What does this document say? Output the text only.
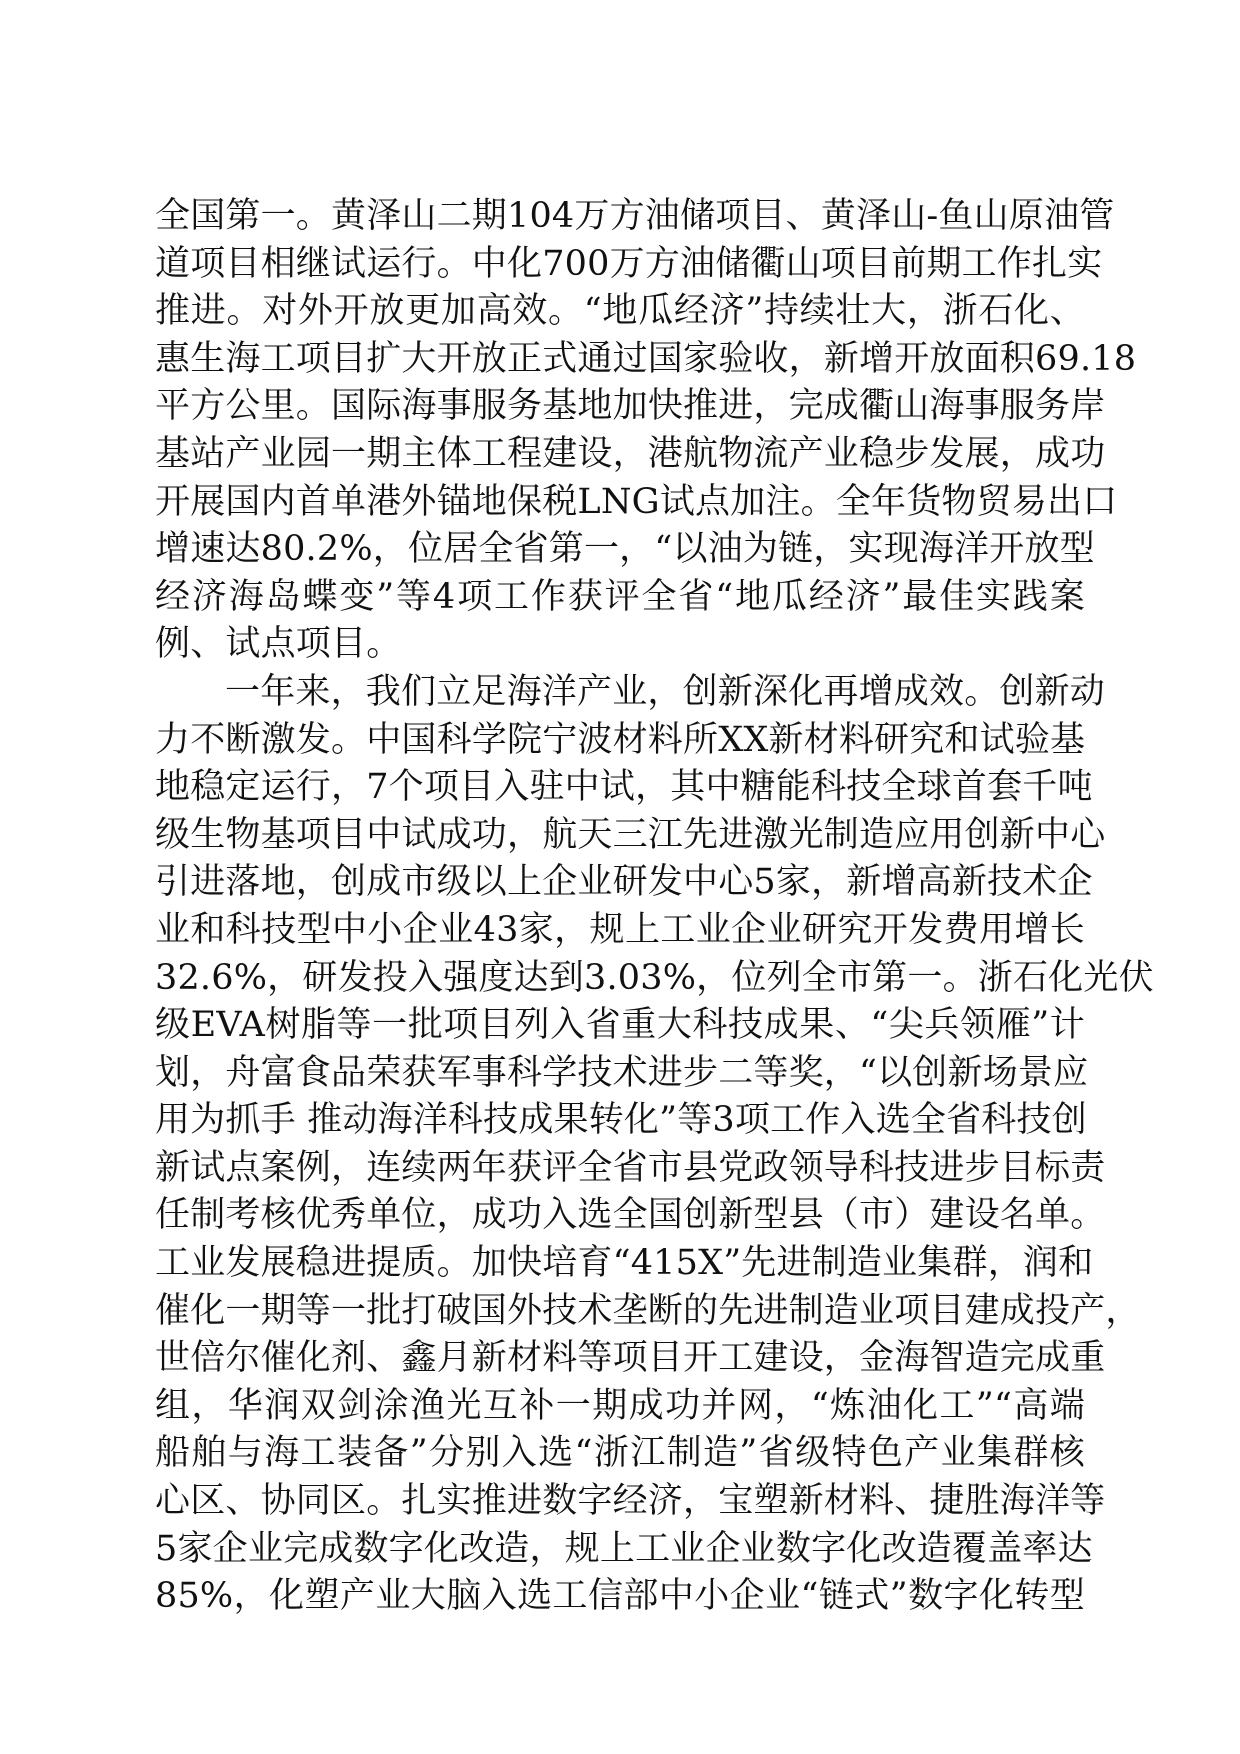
全国第一。黄泽山二期104万方油储项目、黄泽山-鱼山原油管
道项目相继试运行。中化700万方油储衢山项目前期工作扎实
推进。对外开放更加高效。“地瓜经济”持续壮大，浙石化、
惠生海工项目扩大开放正式通过国家验收，新增开放面积69.18
平方公里。国际海事服务基地加快推进，完成衢山海事服务岸
基站产业园一期主体工程建设，港航物流产业稳步发展，成功
开展国内首单港外锚地保税LNG试点加注。全年货物贸易出口
增速达80.2%，位居全省第一，“以油为链，实现海洋开放型
经济海岛蝶变”等4项工作获评全省“地瓜经济”最佳实践案
例、试点项目。
一年来，我们立足海洋产业，创新深化再增成效。创新动
力不断激发。中国科学院宁波材料所XX新材料研究和试验基
地稳定运行，7个项目入驻中试，其中糖能科技全球首套千吨
级生物基项目中试成功，航天三江先进激光制造应用创新中心
引进落地，创成市级以上企业研发中心5家，新增高新技术企
业和科技型中小企业43家，规上工业企业研究开发费用增长
32.6%，研发投入强度达到3.03%，位列全市第一。浙石化光伏
级EVA树脂等一批项目列入省重大科技成果、“尖兵领雁”计
划，舟富食品荣获军事科学技术进步二等奖，“以创新场景应
用为抓手 推动海洋科技成果转化”等3项工作入选全省科技创
新试点案例，连续两年获评全省市县党政领导科技进步目标责
任制考核优秀单位，成功入选全国创新型县（市）建设名单。
工业发展稳进提质。加快培育“415X”先进制造业集群，润和
催化一期等一批打破国外技术垄断的先进制造业项目建成投产，
世倍尔催化剂、鑫月新材料等项目开工建设，金海智造完成重
组，华润双剑涂渔光互补一期成功并网，“炼油化工”“高端
船舶与海工装备”分别入选“浙江制造”省级特色产业集群核
心区、协同区。扎实推进数字经济，宝塑新材料、捷胜海洋等
5家企业完成数字化改造，规上工业企业数字化改造覆盖率达
85%，化塑产业大脑入选工信部中小企业“链式”数字化转型
